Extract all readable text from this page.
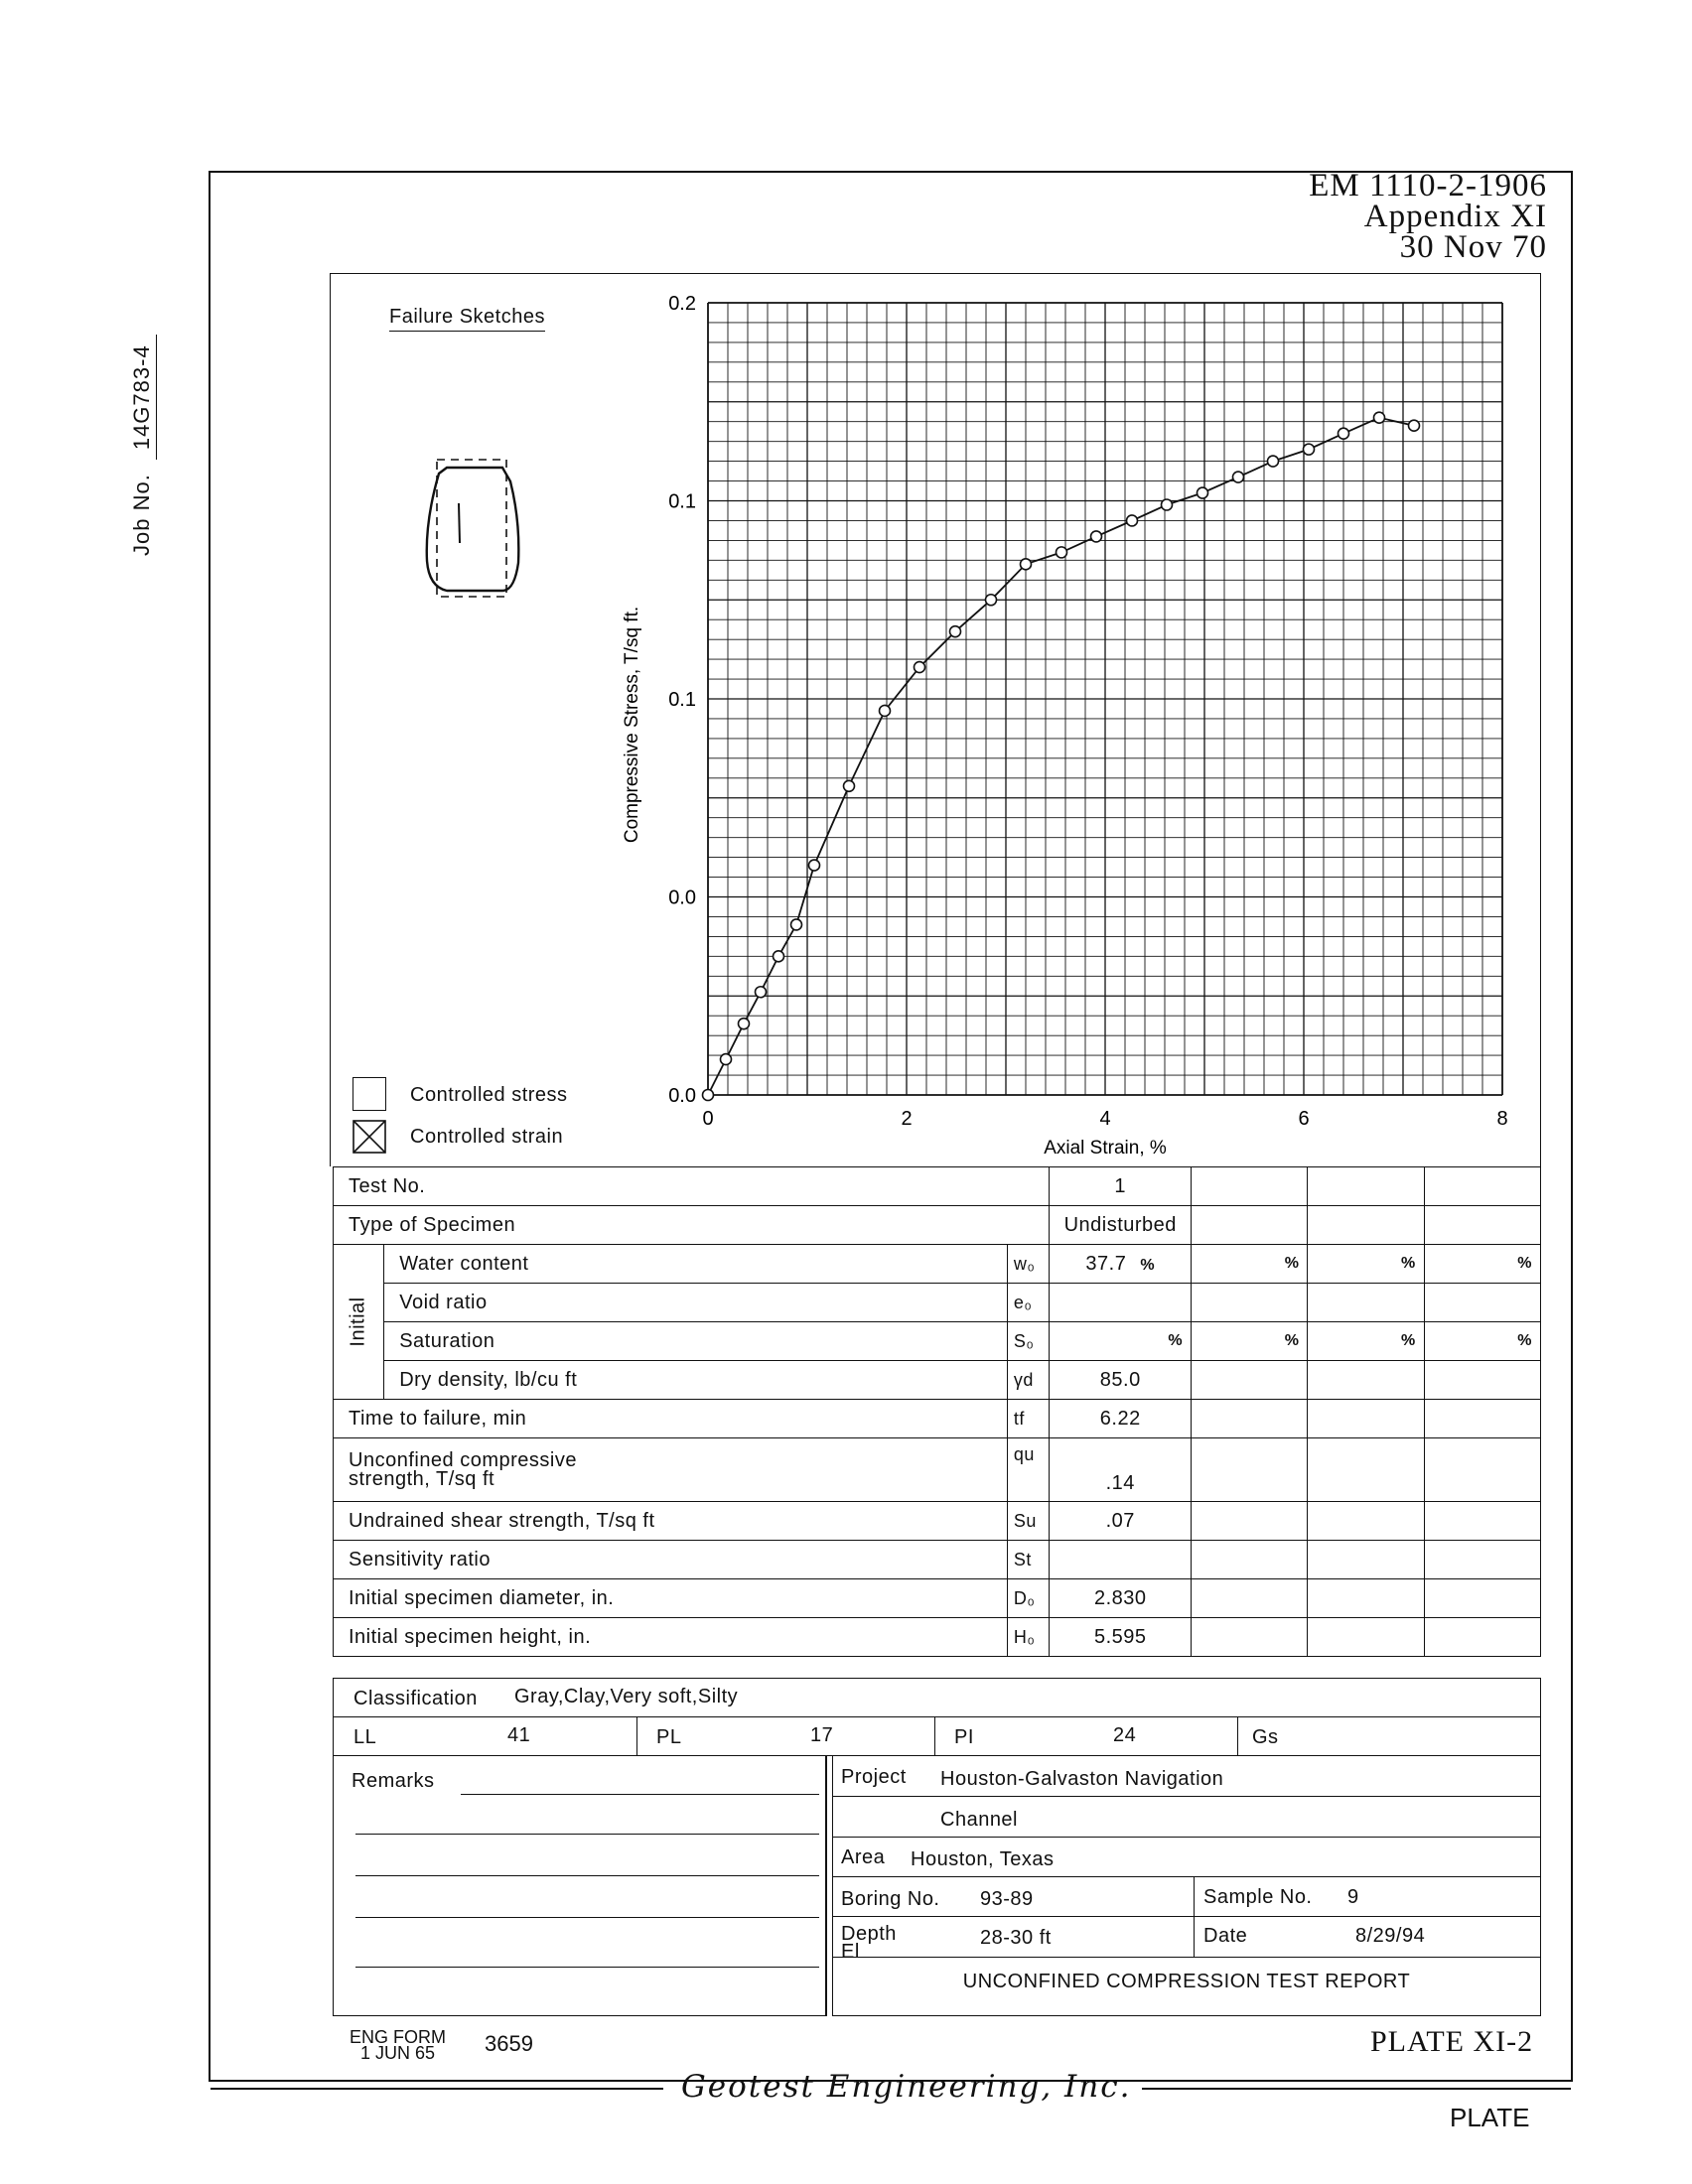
EM 1110-2-1906
Appendix XI
30 Nov 70
Job No.14G783-4
Failure Sketches
Controlled stress
Controlled strain
0	2	4	6	8
0.0
0.0
0.1
0.1
0.2
Axial Strain, %
Compressive Stress, T/sq ft.
Test No.			1			
Type of Specimen			Undisturbed			
Initial	Water content	w₀	37.7 %	%	%	%
	Void ratio	e₀				
	Saturation	S₀	%	%	%	%
	Dry density, lb/cu ft	γd	85.0			
Time to failure, min		tf	6.22			

Unconfined compressive
strength, T/sq ft		qu	.14			
Undrained shear strength, T/sq ft		Su	.07			
Sensitivity ratio		St				
Initial specimen diameter, in.		D₀	2.830			
Initial specimen height, in.		H₀	5.595			
Classification Gray,Clay,Very soft,Silty
LL	41	PL	17	PI	24	Gs
Remarks	Project Houston-Galvaston Navigation
Channel
Area Houston, Texas
Boring No. 93-89	Sample No. 9
Depth
El
28-30 ft	Date	8/29/94
UNCONFINED COMPRESSION TEST REPORT
ENG FORM
1 JUN 65	3659	PLATE XI-2
Geotest Engineering, Inc.
PLATE
